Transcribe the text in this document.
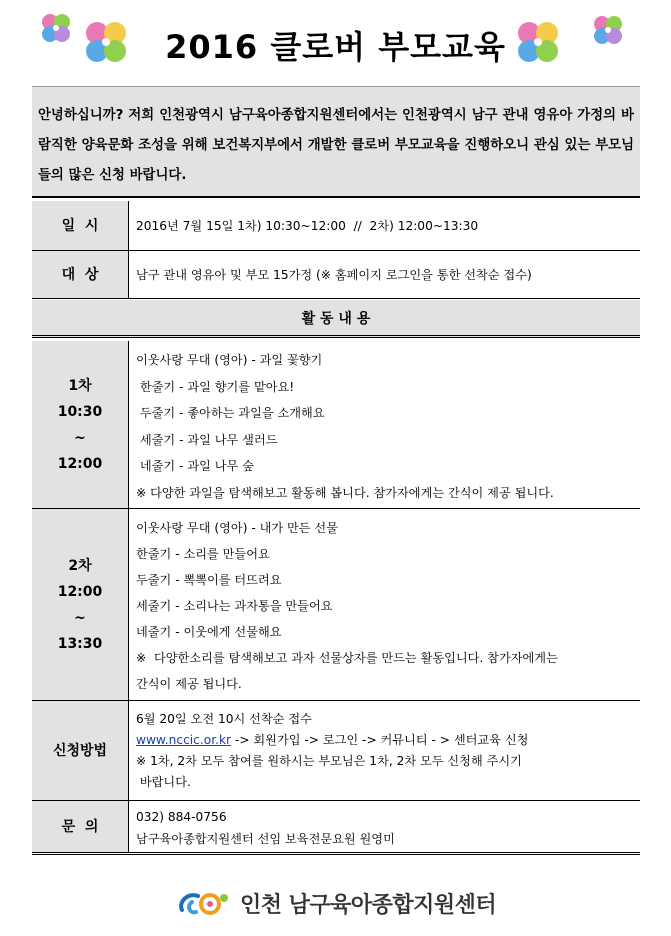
2016 클로버 부모교육
안녕하십니까? 저희 인천광역시 남구육아종합지원센터에서는 인천광역시 남구 관내 영유아 가정의 바람직한 양육문화 조성을 위해 보건복지부에서 개발한 클로버 부모교육을 진행하오니 관심 있는 부모님들의 많은 신청 바랍니다.
일  시	2016년 7월 15일 1차) 10:30~12:00  //  2차) 12:00~13:30
대  상	남구 관내 영유아 및 부모 15가정 (※ 홈페이지 로그인을 통한 선착순 접수)
활 동 내 용
1차
10:30
~
12:00
이웃사랑 무대 (영아) - 과일 꽃향기
한줄기 - 과일 향기를 맡아요!
두줄기 - 좋아하는 과일을 소개해요
세줄기 - 과일 나무 샐러드
네줄기 - 과일 나무 숲
※ 다양한 과일을 탐색해보고 활동해 봅니다. 참가자에게는 간식이 제공 됩니다.
2차
12:00
~
13:30
이웃사랑 무대 (영아) - 내가 만든 선물
한줄기 - 소리를 만들어요
두줄기 - 뽁뽁이를 터뜨려요
세줄기 - 소리나는 과자통을 만들어요
네줄기 - 이웃에게 선물해요
※  다양한소리를 탐색해보고 과자 선물상자를 만드는 활동입니다. 참가자에게는
간식이 제공 됩니다.
신청방법
6월 20일 오전 10시 선착순 접수
www.nccic.or.kr -> 회원가입 -> 로그인 -> 커뮤니티 - > 센터교육 신청
※ 1차, 2차 모두 참여를 원하시는 부모님은 1차, 2차 모두 신청해 주시기
바랍니다.
문  의
032) 884-0756
남구육아종합지원센터 선임 보육전문요원 원영미
인천 남구육아종합지원센터
